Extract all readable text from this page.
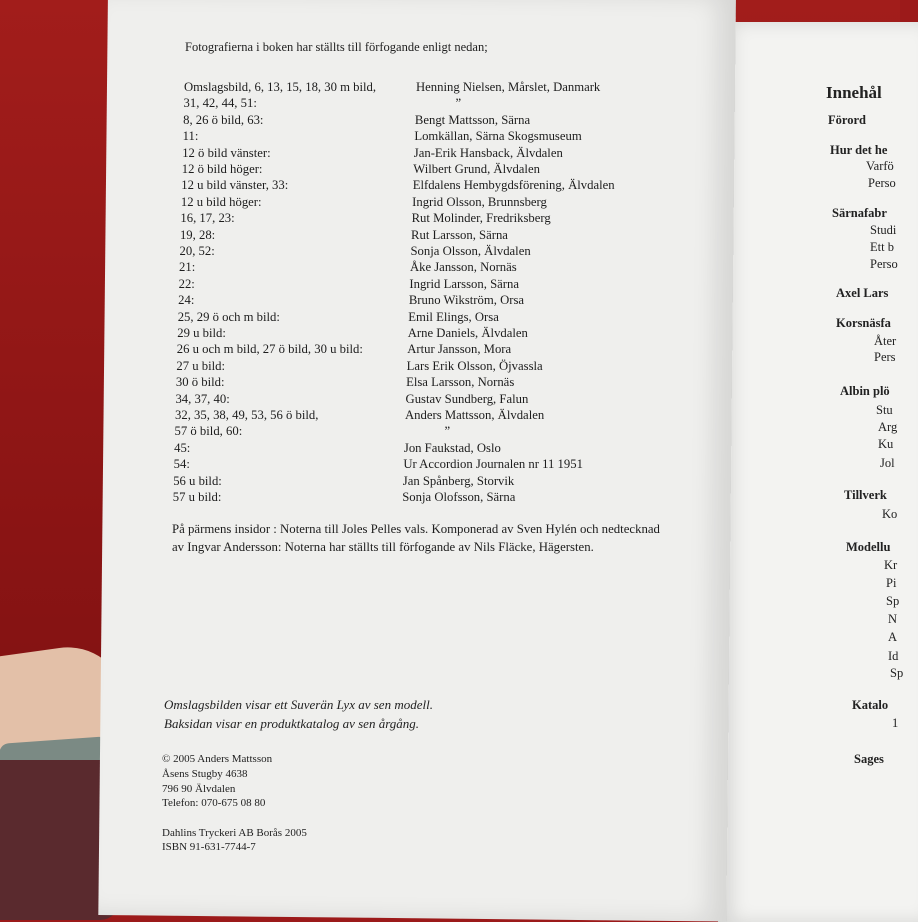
Fotografierna i boken har ställts till förfogande enligt nedan;
Omslagsbild, 6, 13, 15, 18, 30 m bild,	Henning Nielsen, Mårslet, Danmark
31, 42, 44, 51:	”
8, 26 ö bild, 63:	Bengt Mattsson, Särna
11:	Lomkällan, Särna Skogsmuseum
12 ö bild vänster:	Jan-Erik Hansback, Älvdalen
12 ö bild höger:	Wilbert Grund, Älvdalen
12 u bild vänster, 33:	Elfdalens Hembygdsförening, Älvdalen
12 u bild höger:	Ingrid Olsson, Brunnsberg
16, 17, 23:	Rut Molinder, Fredriksberg
19, 28:	Rut Larsson, Särna
20, 52:	Sonja Olsson, Älvdalen
21:	Åke Jansson, Nornäs
22:	Ingrid Larsson, Särna
24:	Bruno Wikström, Orsa
25, 29 ö och m bild:	Emil Elings, Orsa
29 u bild:	Arne Daniels, Älvdalen
26 u och m bild, 27 ö bild, 30 u bild:	Artur Jansson, Mora
27 u bild:	Lars Erik Olsson, Öjvassla
30 ö bild:	Elsa Larsson, Nornäs
34, 37, 40:	Gustav Sundberg, Falun
32, 35, 38, 49, 53, 56 ö bild,	Anders Mattsson, Älvdalen
57 ö bild, 60:	”
45:	Jon Faukstad, Oslo
54:	Ur Accordion Journalen nr 11 1951
56 u bild:	Jan Spånberg, Storvik
57 u bild:	Sonja Olofsson, Särna
På pärmens insidor : Noterna till Joles Pelles vals. Komponerad av Sven Hylén och nedtecknad av Ingvar Andersson: Noterna har ställts till förfogande av Nils Fläcke, Hägersten.
Omslagsbilden visar ett Suverän Lyx av sen modell.
Baksidan visar en produktkatalog av sen årgång.
© 2005 Anders Mattsson
Åsens Stugby 4638
796 90 Älvdalen
Telefon: 070-675 08 80
Dahlins Tryckeri AB Borås 2005
ISBN 91-631-7744-7
Innehål
Förord
Hur det he
Varfö
Perso
Särnafabr
Studi
Ett b
Perso
Axel Lars
Korsnäsfa
Åter
Pers
Albin plö
Stu
Arg
Ku
Jol
Tillverk
Ko
Modellu
Kr
Pi
Sp
N
A
Id
Sp
Katalo
1
Sages
